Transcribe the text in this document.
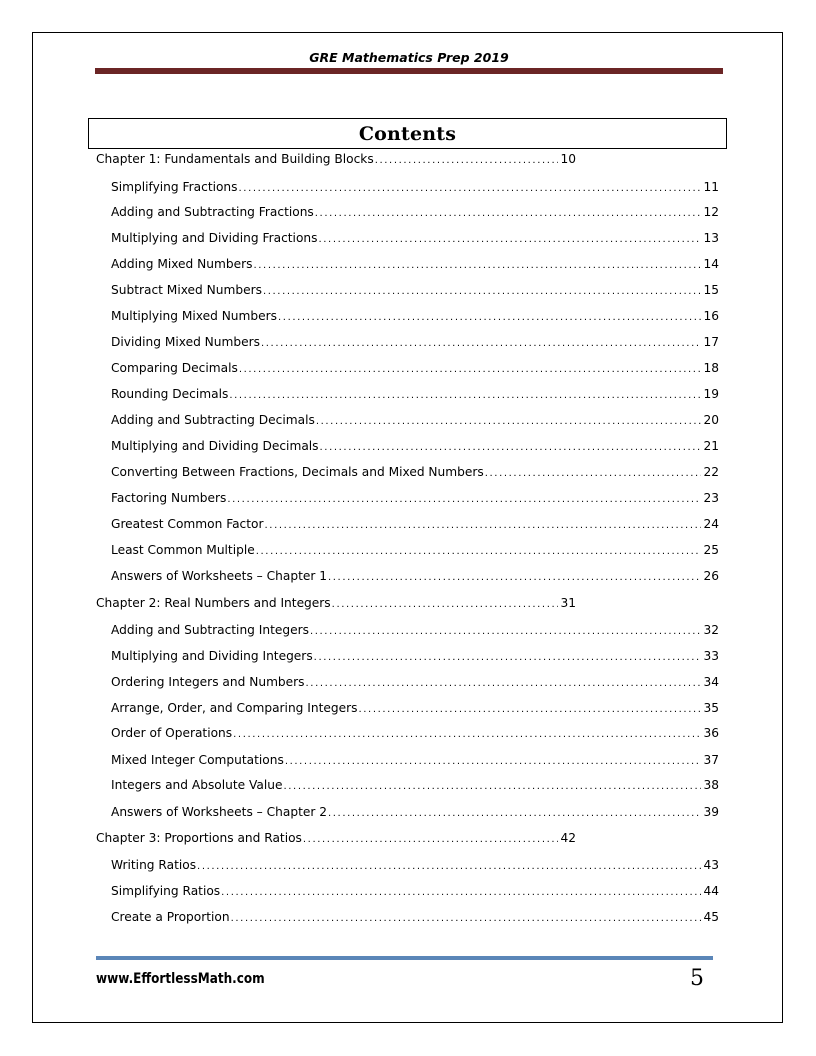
GRE Mathematics Prep 2019
Contents
Chapter 1: Fundamentals and Building Blocks .....	10
Simplifying Fractions .....	11
Adding and Subtracting Fractions .....	12
Multiplying and Dividing Fractions .....	13
Adding Mixed Numbers .....	14
Subtract Mixed Numbers .....	15
Multiplying Mixed Numbers .....	16
Dividing Mixed Numbers .....	17
Comparing Decimals .....	18
Rounding Decimals .....	19
Adding and Subtracting Decimals .....	20
Multiplying and Dividing Decimals .....	21
Converting Between Fractions, Decimals and Mixed Numbers .....	22
Factoring Numbers .....	23
Greatest Common Factor .....	24
Least Common Multiple .....	25
Answers of Worksheets – Chapter 1 .....	26
Chapter 2: Real Numbers and Integers .....	31
Adding and Subtracting Integers .....	32
Multiplying and Dividing Integers .....	33
Ordering Integers and Numbers .....	34
Arrange, Order, and Comparing Integers .....	35
Order of Operations .....	36
Mixed Integer Computations .....	37
Integers and Absolute Value .....	38
Answers of Worksheets – Chapter 2 .....	39
Chapter 3: Proportions and Ratios .....	42
Writing Ratios .....	43
Simplifying Ratios .....	44
Create a Proportion .....	45
www.EffortlessMath.com	5
